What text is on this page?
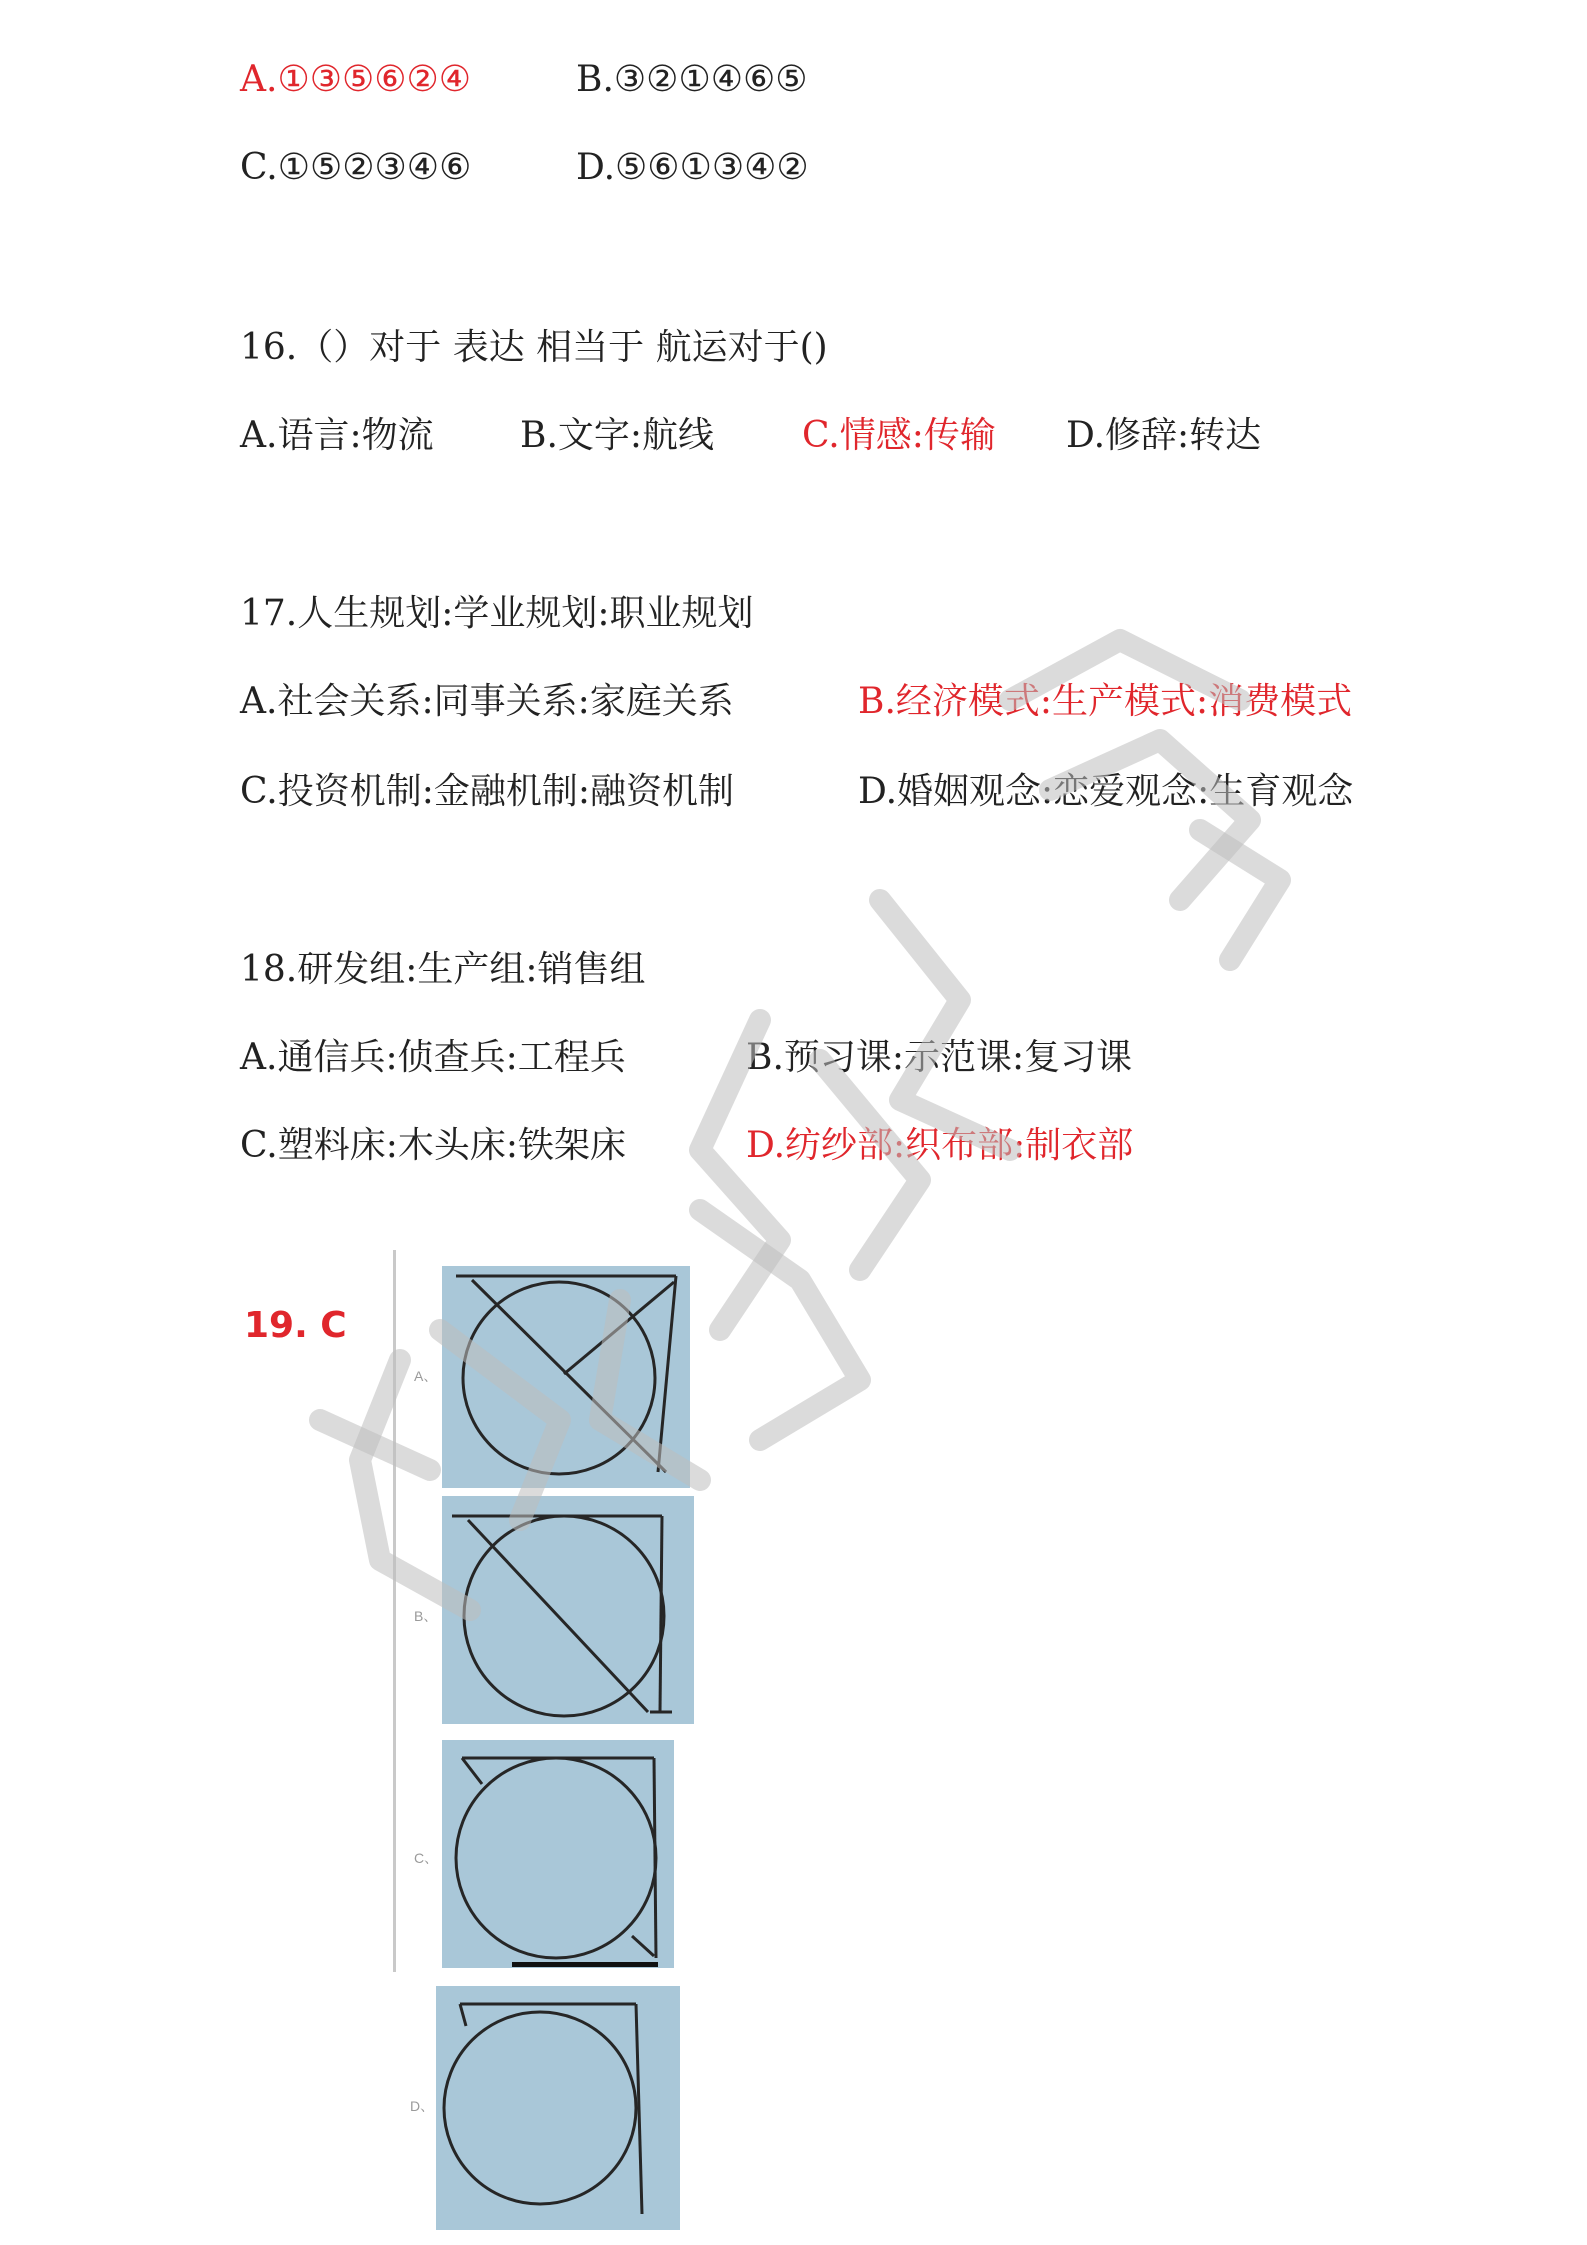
A.①③⑤⑥②④	B.③②①④⑥⑤
C.①⑤②③④⑥	D.⑤⑥①③④②
16.（）对于 表达 相当于 航运对于()
A.语言:物流 B.文字:航线 C.情感:传输 D.修辞:转达
17.人生规划:学业规划:职业规划
A.社会关系:同事关系:家庭关系	B.经济模式:生产模式:消费模式
C.投资机制:金融机制:融资机制	D.婚姻观念:恋爱观念:生育观念
18.研发组:生产组:销售组
A.通信兵:侦查兵:工程兵	B.预习课:示范课:复习课
C.塑料床:木头床:铁架床	D.纺纱部:织布部:制衣部
19. C
A、
B、
C、
D、
